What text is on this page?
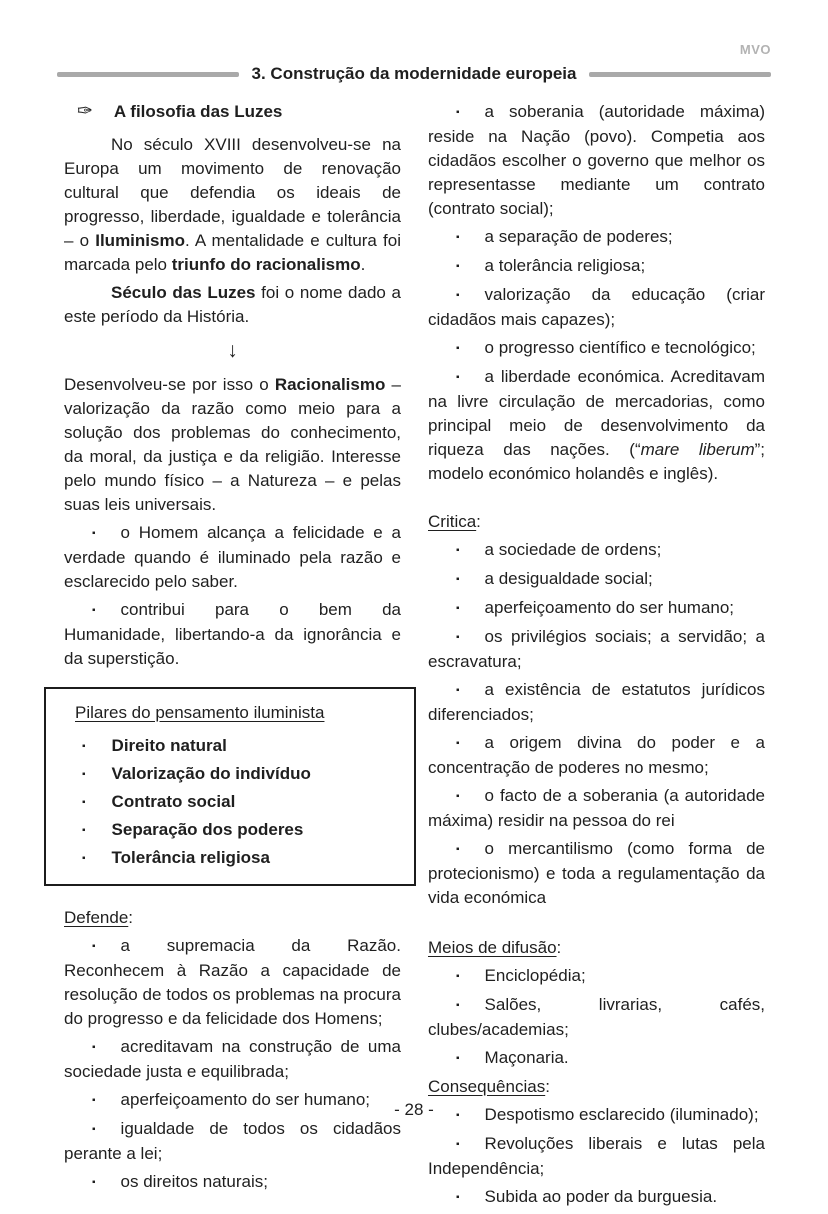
MVO
3. Construção da modernidade europeia

✑ A filosofia das Luzes

No século XVIII desenvolveu-se na Europa um movimento de renovação cultural que defendia os ideais de progresso, liberdade, igualdade e tolerância – o Iluminismo. A mentalidade e cultura foi marcada pelo triunfo do racionalismo.

Século das Luzes foi o nome dado a este período da História.

↓

Desenvolveu-se por isso o Racionalismo – valorização da razão como meio para a solução dos problemas do conhecimento, da moral, da justiça e da religião. Interesse pelo mundo físico – a Natureza – e pelas suas leis universais.

▪ o Homem alcança a felicidade e a verdade quando é iluminado pela razão e esclarecido pelo saber.

▪ contribui para o bem da Humanidade, libertando-a da ignorância e da superstição.

Pilares do pensamento iluminista

▪ Direito natural

▪ Valorização do indivíduo

▪ Contrato social

▪ Separação dos poderes

▪ Tolerância religiosa

Defende:

▪ a supremacia da Razão. Reconhecem à Razão a capacidade de resolução de todos os problemas na procura do progresso e da felicidade dos Homens;

▪ acreditavam na construção de uma sociedade justa e equilibrada;

▪ aperfeiçoamento do ser humano;

▪ igualdade de todos os cidadãos perante a lei;

▪ os direitos naturais;

▪ a soberania (autoridade máxima) reside na Nação (povo). Competia aos cidadãos escolher o governo que melhor os representasse mediante um contrato (contrato social);

▪ a separação de poderes;

▪ a tolerância religiosa;

▪ valorização da educação (criar cidadãos mais capazes);

▪ o progresso científico e tecnológico;

▪ a liberdade económica. Acreditavam na livre circulação de mercadorias, como principal meio de desenvolvimento da riqueza das nações. (“mare liberum”; modelo económico holandês e inglês).

Critica:

▪ a sociedade de ordens;

▪ a desigualdade social;

▪ aperfeiçoamento do ser humano;

▪ os privilégios sociais; a servidão; a escravatura;

▪ a existência de estatutos jurídicos diferenciados;

▪ a origem divina do poder e a concentração de poderes no mesmo;

▪ o facto de a soberania (a autoridade máxima) residir na pessoa do rei

▪ o mercantilismo (como forma de protecionismo) e toda a regulamentação da vida económica

Meios de difusão:

▪ Enciclopédia;

▪ Salões, livrarias, cafés, clubes/academias;

▪ Maçonaria.

Consequências:

▪ Despotismo esclarecido (iluminado);

▪ Revoluções liberais e lutas pela Independência;

▪ Subida ao poder da burguesia.

- 28 -
